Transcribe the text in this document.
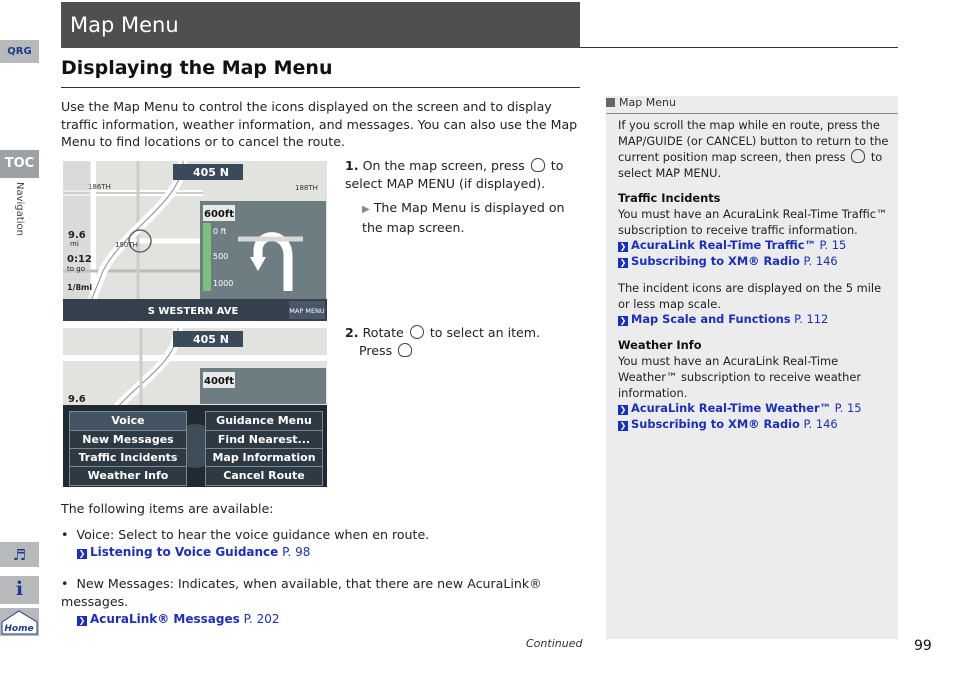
Map Menu
Displaying the Map Menu
QRG
TOC
Navigation
♬
i
Home
Use the Map Menu to control the icons displayed on the screen and to display traffic information, weather information, and messages. You can also use the Map Menu to find locations or to cancel the route.
405 N
186TH	188TH
190TH
9.6
mi
0:12
to go
1/8mi
600ft
0 ft
500
1000
S WESTERN AVE	MAP MENU
405 N
9.6
400ft
Voice	Guidance Menu
New Messages	Find Nearest...
Traffic Incidents	Map Information
Weather Info	Cancel Route
1. On the map screen, press to select MAP MENU (if displayed).
▶ The Map Menu is displayed on the map screen.
2. Rotate to select an item.
Press
The following items are available:
• Voice: Select to hear the voice guidance when en route.
❯ Listening to Voice Guidance P. 98
• New Messages: Indicates, when available, that there are new AcuraLink® messages.
❯ AcuraLink® Messages P. 202
Map Menu
If you scroll the map while en route, press the MAP/GUIDE (or CANCEL) button to return to the current position map screen, then press to select MAP MENU.
Traffic Incidents
You must have an AcuraLink Real-Time Traffic™ subscription to receive traffic information.
❯ AcuraLink Real-Time Traffic™ P. 15
❯ Subscribing to XM® Radio P. 146
The incident icons are displayed on the 5 mile or less map scale.
❯ Map Scale and Functions P. 112
Weather Info
You must have an AcuraLink Real-Time Weather™ subscription to receive weather information.
❯ AcuraLink Real-Time Weather™ P. 15
❯ Subscribing to XM® Radio P. 146
Continued	99
